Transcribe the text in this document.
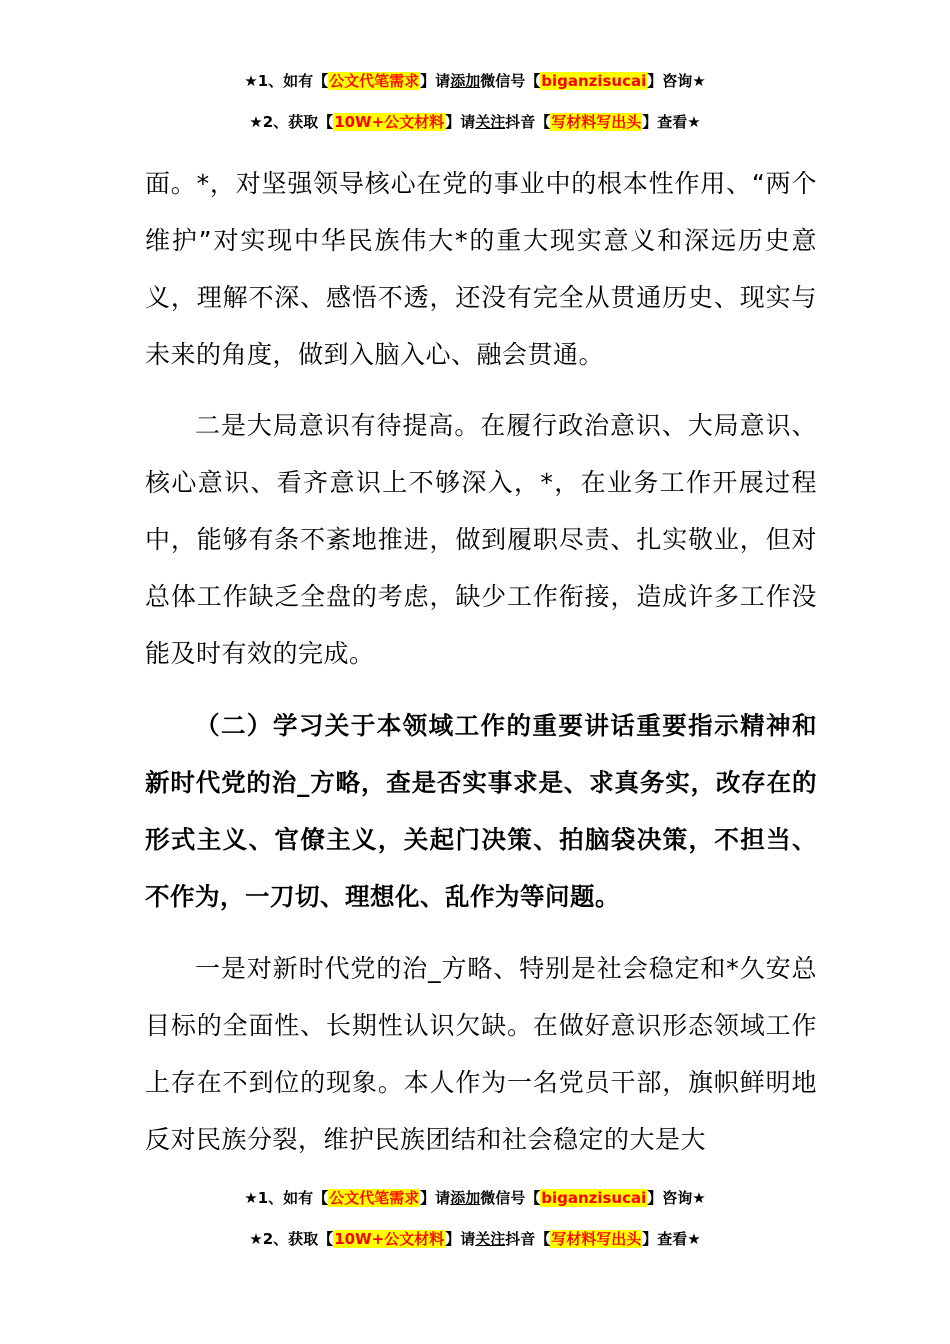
★1、如有【公文代笔需求】请添加微信号【biganzisucai】咨询★
★2、获取【10W+公文材料】请关注抖音【写材料写出头】查看★

面。*，对坚强领导核心在党的事业中的根本性作用、“两个维护”对实现中华民族伟大*的重大现实意义和深远历史意义，理解不深、感悟不透，还没有完全从贯通历史、现实与未来的角度，做到入脑入心、融会贯通。

二是大局意识有待提高。在履行政治意识、大局意识、核心意识、看齐意识上不够深入，*，在业务工作开展过程中，能够有条不紊地推进，做到履职尽责、扎实敬业，但对总体工作缺乏全盘的考虑，缺少工作衔接，造成许多工作没能及时有效的完成。

（二）学习关于本领域工作的重要讲话重要指示精神和新时代党的治_方略，查是否实事求是、求真务实，改存在的形式主义、官僚主义，关起门决策、拍脑袋决策，不担当、不作为，一刀切、理想化、乱作为等问题。

一是对新时代党的治_方略、特别是社会稳定和*久安总目标的全面性、长期性认识欠缺。在做好意识形态领域工作上存在不到位的现象。本人作为一名党员干部，旗帜鲜明地反对民族分裂，维护民族团结和社会稳定的大是大

★1、如有【公文代笔需求】请添加微信号【biganzisucai】咨询★
★2、获取【10W+公文材料】请关注抖音【写材料写出头】查看★
